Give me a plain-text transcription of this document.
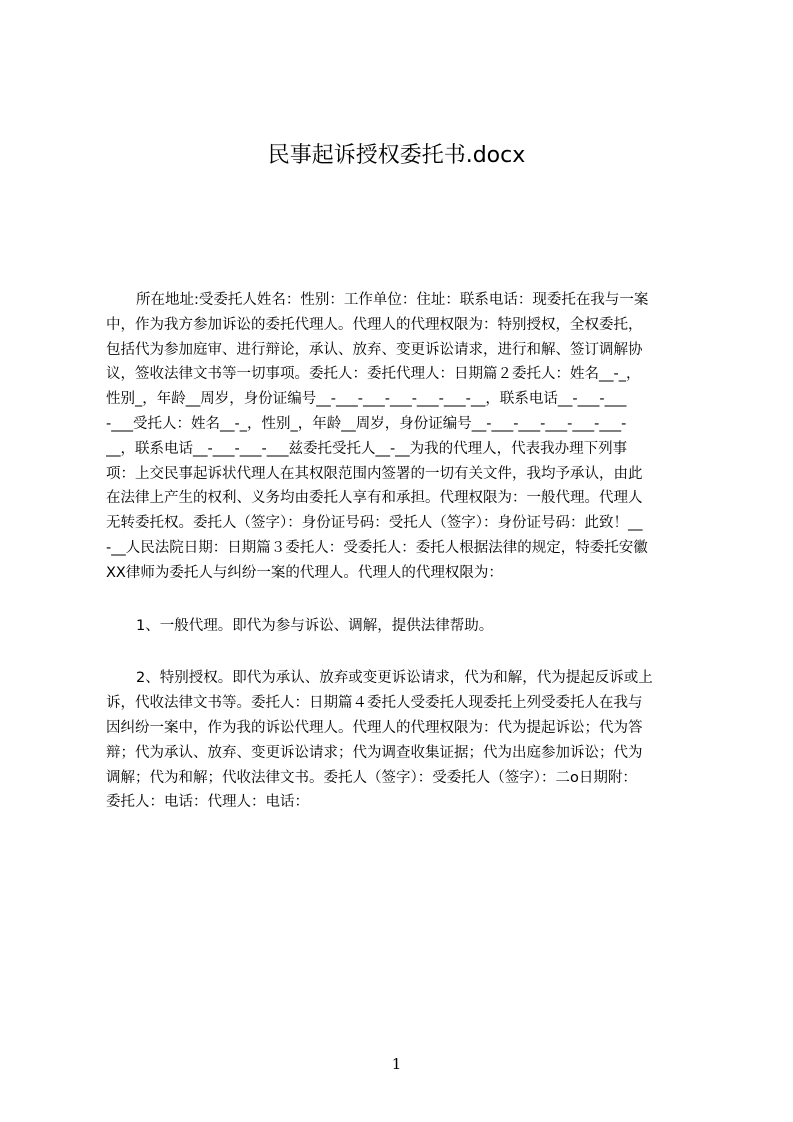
民事起诉授权委托书.docx
所在地址:受委托人姓名：性别：工作单位：住址：联系电话：现委托在我与一案
中，作为我方参加诉讼的委托代理人。代理人的代理权限为：特别授权，全权委托，
包括代为参加庭审、进行辩论，承认、放弃、变更诉讼请求，进行和解、签订调解协
议，签收法律文书等一切事项。委托人：委托代理人：日期篇２委托人：姓名__-_，
性别_，年龄__周岁，身份证编号__-___-___-___-___-___-__，联系电话__-___-___
-___受托人：姓名__-_，性别_，年龄__周岁，身份证编号__-___-___-___-___-___-
__，联系电话__-___-___-___兹委托受托人__-__为我的代理人，代表我办理下列事
项：上交民事起诉状代理人在其权限范围内签署的一切有关文件，我均予承认，由此
在法律上产生的权利、义务均由委托人享有和承担。代理权限为：一般代理。代理人
无转委托权。委托人（签字）：身份证号码：受托人（签字）：身份证号码：此致！__
-__人民法院日期：日期篇３委托人：受委托人：委托人根据法律的规定，特委托安徽
XX律师为委托人与纠纷一案的代理人。代理人的代理权限为：
1、一般代理。即代为参与诉讼、调解，提供法律帮助。
2、特别授权。即代为承认、放弃或变更诉讼请求，代为和解，代为提起反诉或上
诉，代收法律文书等。委托人：日期篇４委托人受委托人现委托上列受委托人在我与
因纠纷一案中，作为我的诉讼代理人。代理人的代理权限为：代为提起诉讼；代为答
辩；代为承认、放弃、变更诉讼请求；代为调查收集证据；代为出庭参加诉讼；代为
调解；代为和解；代收法律文书。委托人（签字）：受委托人（签字）：二o日期附：
委托人：电话：代理人：电话：
1
